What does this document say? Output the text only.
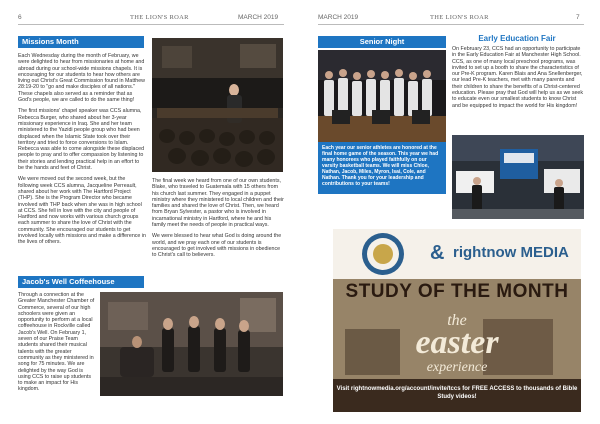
6	THE LION'S ROAR	MARCH 2019
Missions Month

Each Wednesday during the month of February, we were delighted to hear from missionaries at home and abroad during our school-wide missions chapels. It is encouraging for our students to hear how others are living out Christ's Great Commission found in Matthew 28:19-20 to "go and make disciples of all nations." These chapels also served as a reminder that as God's people, we are called to do the same thing!

The first missions' chapel speaker was CCS alumna, Rebecca Burger, who shared about her 3-year missionary experience in Iraq. She and her team ministered to the Yazidi people group who had been displaced when the Islamic State took over their territory and tried to force conversions to Islam. Rebecca was able to come alongside these displaced people to pray and to offer compassion by listening to their stories and lending practical help in an effort to be the hands and feet of Christ.

We were moved out the second week, but the following week CCS alumna, Jacqueline Perreault, shared about her work with The Hartford Project (THP). She is the Program Director who became involved with THP back when she was in high school at CCS. She fell in love with the city and people of Hartford and now works with various church groups each summer to share the love of Christ with the community. She encouraged our students to get involved locally with missions and make a difference in the lives of others.

The final week we heard from one of our own students, Blake, who traveled to Guatemala with 15 others from his church last summer. They engaged in a puppet ministry where they ministered to local children and their families and shared the love of Christ. Then, we heard from Bryan Sylvester, a pastor who is involved in incarnational ministry in Hartford, where he and his family meet the needs of people in practical ways.

We were blessed to hear what God is doing around the world, and we pray each one of our students is encouraged to get involved with missions in obedience to Christ's call to believers.

Jacob's Well Coffeehouse
Through a connection at the Greater Manchester Chamber of Commerce, several of our high schoolers were given an opportunity to perform at a local coffeehouse in Rockville called Jacob's Well. On February 1, seven of our Praise Team students shared their musical talents with the greater community as they ministered in song for 75 minutes. We are delighted by the way God is using CCS to raise up students to make an impact for His kingdom.
MARCH 2019	THE LION'S ROAR	7
Senior Night
Each year our senior athletes are honored at the final home game of the season. This year we had many honorees who played faithfully on our varsity basketball teams. We will miss Chloe, Nathan, Jacob, Miles, Myron, Isai, Cole, and Nathan. Thank you for your leadership and contributions to your teams!
Early Education Fair
On February 23, CCS had an opportunity to participate in the Early Education Fair at Manchester High School. CCS, as one of many local preschool programs, was invited to set up a booth to share the characteristics of our Pre-K program. Karen Blais and Ana Snellenberger, our lead Pre-K teachers, met with many parents and their children to share the benefits of a Christ-centered education. Please pray that God will help us as we seek to educate even our smallest students to know Christ and be equipped to impact the world for His kingdom!
& rightnow MEDIA
STUDY OF THE MONTH
the
easter
experience
Visit rightnowmedia.org/account/invite/tccs for FREE ACCESS to thousands of Bible Study videos!
